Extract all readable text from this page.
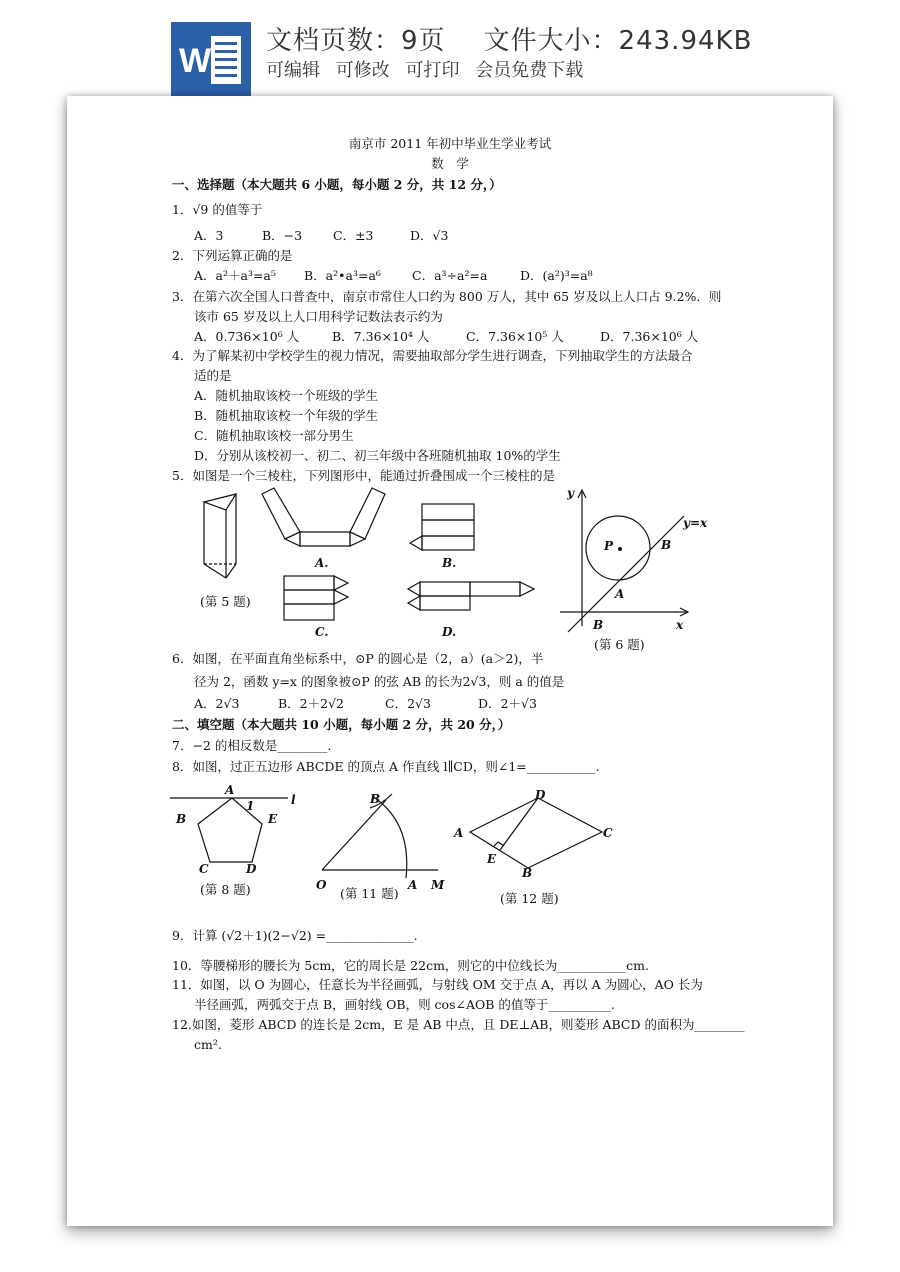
W
文档页数：9页 文件大小：243.94KB
可编辑 可修改 可打印 会员免费下载
南京市 2011 年初中毕业生学业考试
数　学
一、选择题（本大题共 6 小题，每小题 2 分，共 12 分，）
1．√9 的值等于
A．3	B．−3 C．±3	D．√3
2．下列运算正确的是
A．a²＋a³=a⁵ B．a²•a³=a⁶ C．a³÷a²=a	D．(a²)³=a⁸
3．在第六次全国人口普查中，南京市常住人口约为 800 万人，其中 65 岁及以上人口占 9.2%．则
该市 65 岁及以上人口用科学记数法表示约为
A．0.736×10⁶ 人	B．7.36×10⁴ 人	C．7.36×10⁵ 人	D．7.36×10⁶ 人
4．为了解某初中学校学生的视力情况，需要抽取部分学生进行调查，下列抽取学生的方法最合
适的是
A．随机抽取该校一个班级的学生
B．随机抽取该校一个年级的学生
C．随机抽取该校一部分男生
D．分别从该校初一、初二、初三年级中各班随机抽取 10%的学生
5．如图是一个三棱柱，下列图形中，能通过折叠围成一个三棱柱的是
A.	B.
C.	D.
(第 5 题)
y
x
y=x
P
A
B
B
(第 6 题)
6．如图，在平面直角坐标系中，⊙P 的圆心是（2，a）(a＞2)，半
径为 2，函数 y=x 的图象被⊙P 的弦 AB 的长为2√3，则 a 的值是
A．2√3	B．2＋2√2	C．2√3	D．2＋√3
二、填空题（本大题共 10 小题，每小题 2 分，共 20 分，）
7．−2 的相反数是________.
8．如图，过正五边形 ABCDE 的顶点 A 作直线 l∥CD，则∠1=___________.
A
1	l
B	E
C	D
(第 8 题)
B
O	A M
(第 11 题)
D
A	C
E
B
(第 12 题)
9．计算 (√2＋1)(2−√2) =______________.
10．等腰梯形的腰长为 5cm，它的周长是 22cm，则它的中位线长为___________cm.
11．如图，以 O 为圆心，任意长为半径画弧，与射线 OM 交于点 A，再以 A 为圆心，AO 长为
半径画弧，两弧交于点 B，画射线 OB，则 cos∠AOB 的值等于__________.
12.如图，菱形 ABCD 的连长是 2cm，E 是 AB 中点，且 DE⊥AB，则菱形 ABCD 的面积为________
cm².
